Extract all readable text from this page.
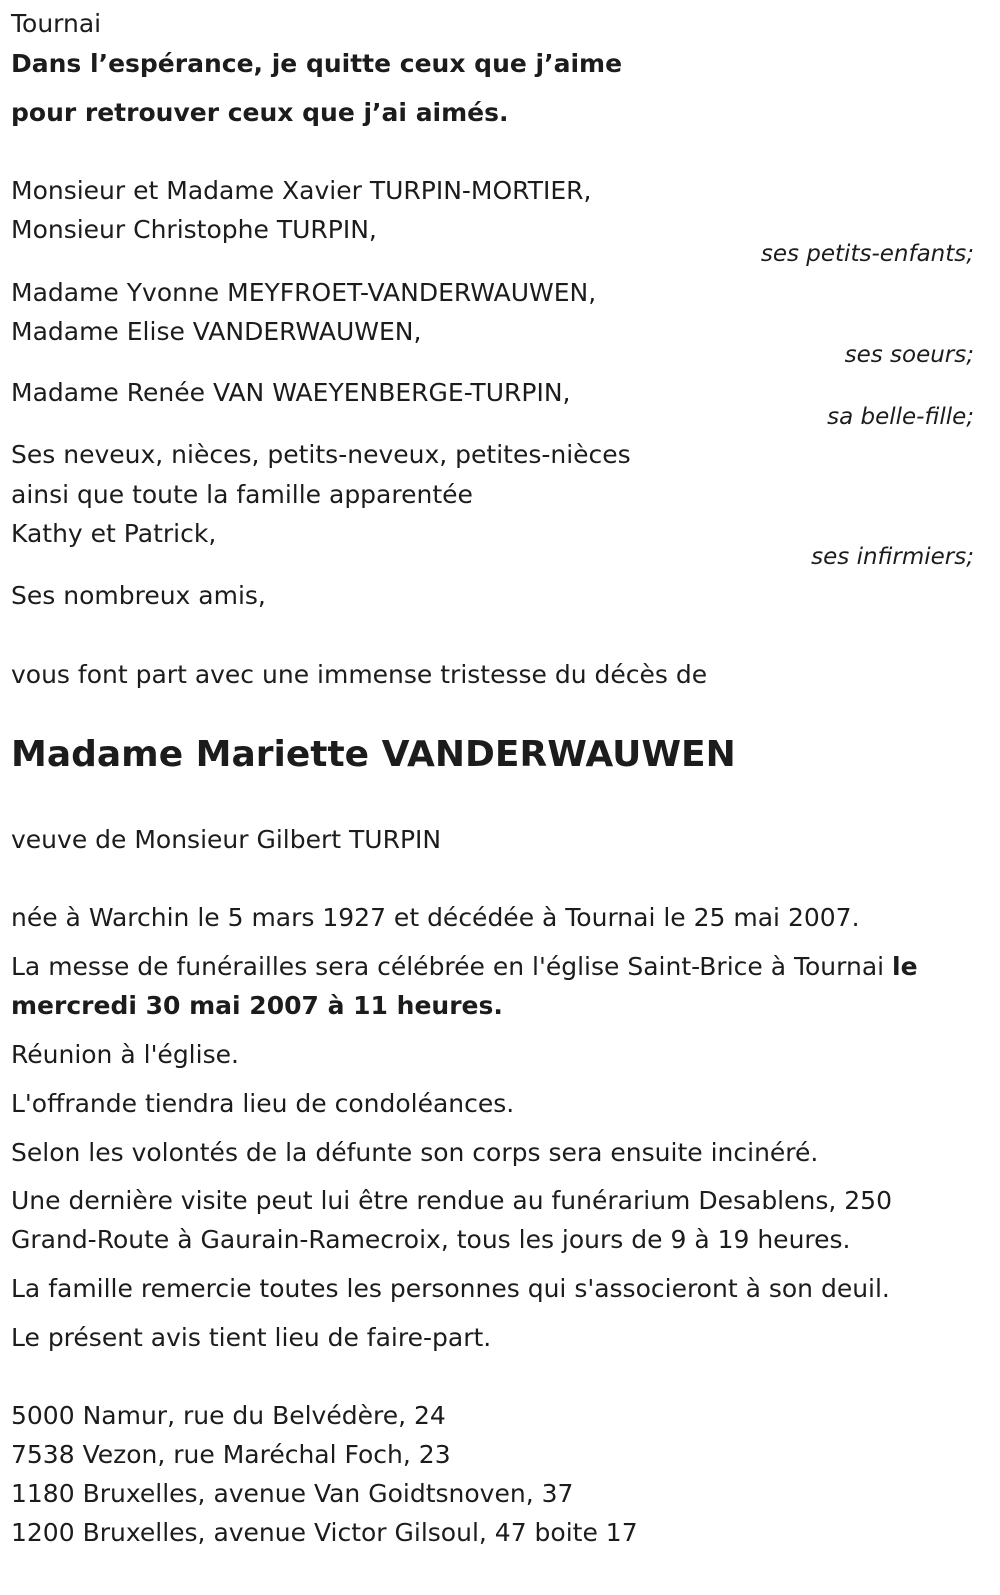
Tournai

Dans l’espérance, je quitte ceux que j’aime

pour retrouver ceux que j’ai aimés.

Monsieur et Madame Xavier TURPIN-MORTIER,

Monsieur Christophe TURPIN,

ses petits-enfants;

Madame Yvonne MEYFROET-VANDERWAUWEN,

Madame Elise VANDERWAUWEN,

ses soeurs;

Madame Renée VAN WAEYENBERGE-TURPIN,

sa belle-fille;

Ses neveux, nièces, petits-neveux, petites-nièces

ainsi que toute la famille apparentée

Kathy et Patrick,

ses infirmiers;

Ses nombreux amis,

vous font part avec une immense tristesse du décès de

Madame Mariette VANDERWAUWEN

veuve de Monsieur Gilbert TURPIN

née à Warchin le 5 mars 1927 et décédée à Tournai le 25 mai 2007.

La messe de funérailles sera célébrée en l'église Saint-Brice à Tournai le

mercredi 30 mai 2007 à 11 heures.

Réunion à l'église.

L'offrande tiendra lieu de condoléances.

Selon les volontés de la défunte son corps sera ensuite incinéré.

Une dernière visite peut lui être rendue au funérarium Desablens, 250

Grand-Route à Gaurain-Ramecroix, tous les jours de 9 à 19 heures.

La famille remercie toutes les personnes qui s'associeront à son deuil.

Le présent avis tient lieu de faire-part.

5000 Namur, rue du Belvédère, 24

7538 Vezon, rue Maréchal Foch, 23

1180 Bruxelles, avenue Van Goidtsnoven, 37

1200 Bruxelles, avenue Victor Gilsoul, 47 boite 17
